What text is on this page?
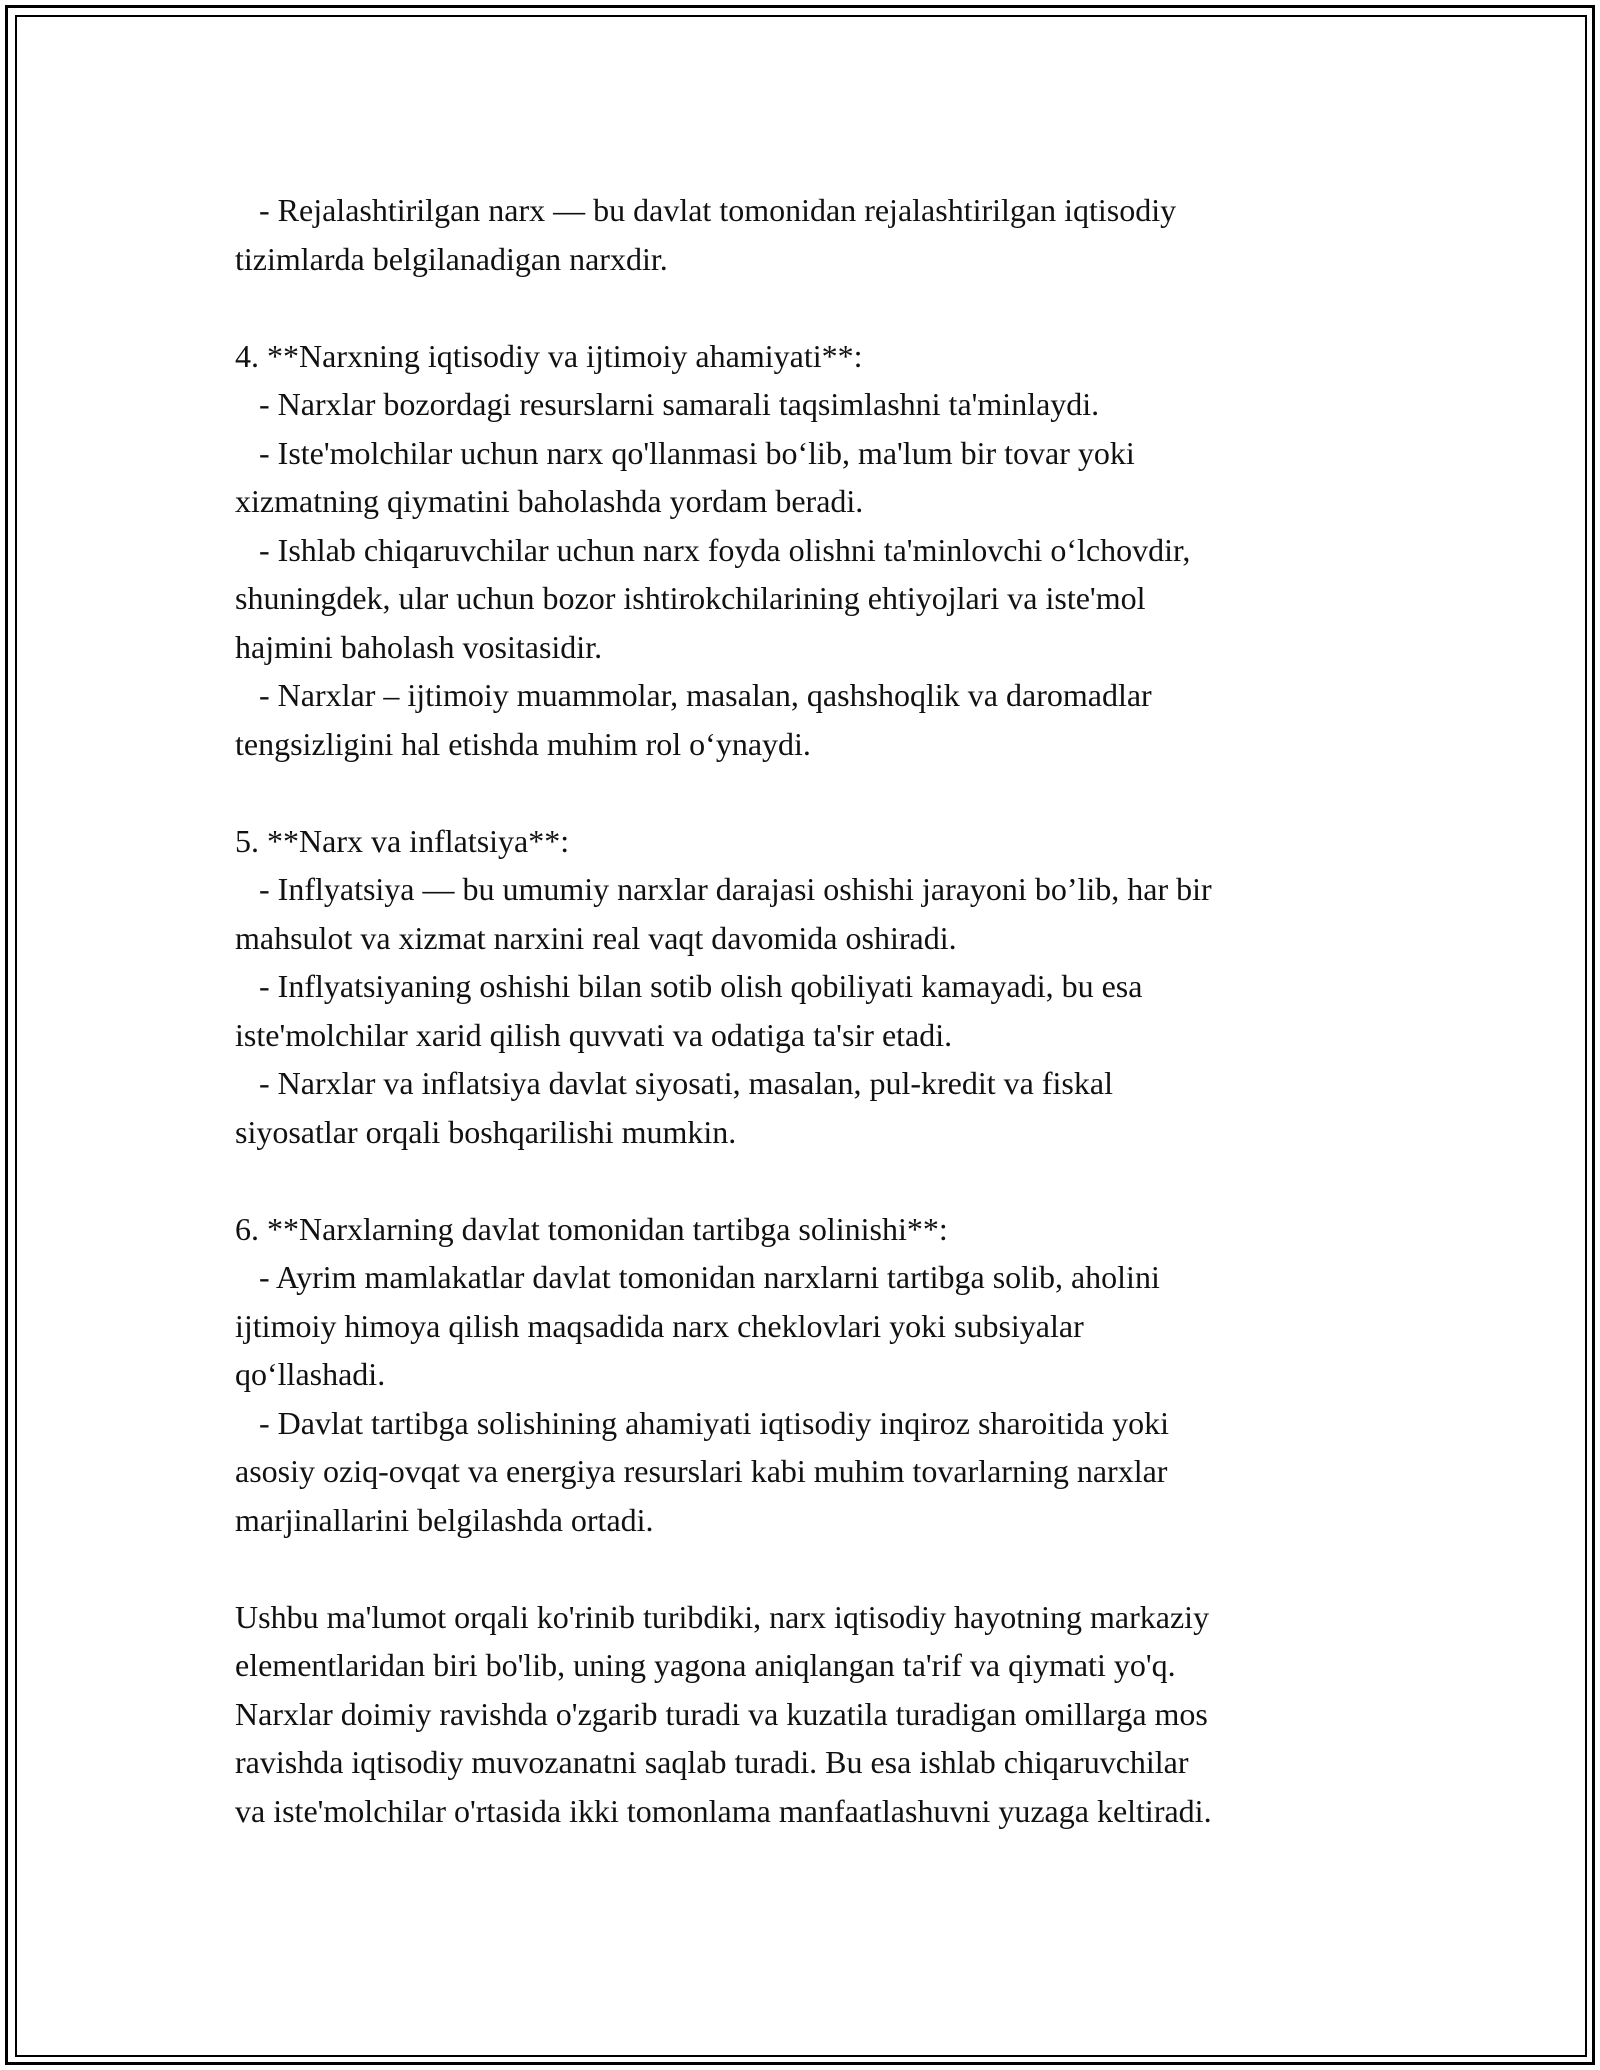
- Rejalashtirilgan narx — bu davlat tomonidan rejalashtirilgan iqtisodiy
tizimlarda belgilanadigan narxdir.
4. **Narxning iqtisodiy va ijtimoiy ahamiyati**:
- Narxlar bozordagi resurslarni samarali taqsimlashni ta'minlaydi.
- Iste'molchilar uchun narx qo'llanmasi bo‘lib, ma'lum bir tovar yoki
xizmatning qiymatini baholashda yordam beradi.
- Ishlab chiqaruvchilar uchun narx foyda olishni ta'minlovchi o‘lchovdir,
shuningdek, ular uchun bozor ishtirokchilarining ehtiyojlari va iste'mol
hajmini baholash vositasidir.
- Narxlar – ijtimoiy muammolar, masalan, qashshoqlik va daromadlar
tengsizligini hal etishda muhim rol o‘ynaydi.
5. **Narx va inflatsiya**:
- Inflyatsiya — bu umumiy narxlar darajasi oshishi jarayoni bo’lib, har bir
mahsulot va xizmat narxini real vaqt davomida oshiradi.
- Inflyatsiyaning oshishi bilan sotib olish qobiliyati kamayadi, bu esa
iste'molchilar xarid qilish quvvati va odatiga ta'sir etadi.
- Narxlar va inflatsiya davlat siyosati, masalan, pul-kredit va fiskal
siyosatlar orqali boshqarilishi mumkin.
6. **Narxlarning davlat tomonidan tartibga solinishi**:
- Ayrim mamlakatlar davlat tomonidan narxlarni tartibga solib, aholini
ijtimoiy himoya qilish maqsadida narx cheklovlari yoki subsiyalar
qo‘llashadi.
- Davlat tartibga solishining ahamiyati iqtisodiy inqiroz sharoitida yoki
asosiy oziq-ovqat va energiya resurslari kabi muhim tovarlarning narxlar
marjinallarini belgilashda ortadi.
Ushbu ma'lumot orqali ko'rinib turibdiki, narx iqtisodiy hayotning markaziy
elementlaridan biri bo'lib, uning yagona aniqlangan ta'rif va qiymati yo'q.
Narxlar doimiy ravishda o'zgarib turadi va kuzatila turadigan omillarga mos
ravishda iqtisodiy muvozanatni saqlab turadi. Bu esa ishlab chiqaruvchilar
va iste'molchilar o'rtasida ikki tomonlama manfaatlashuvni yuzaga keltiradi.
